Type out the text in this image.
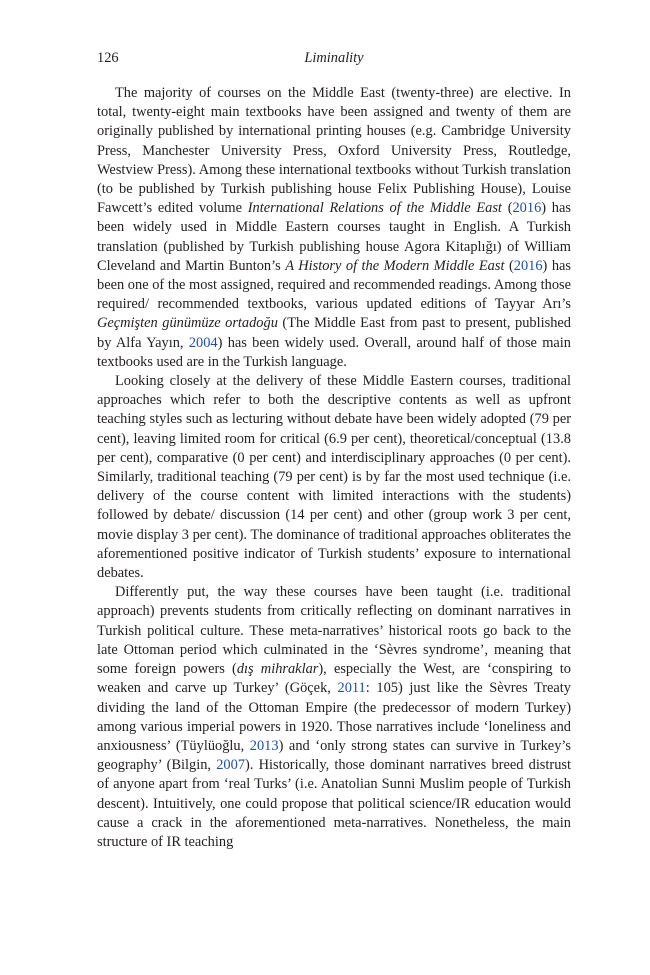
126	Liminality

The majority of courses on the Middle East (twenty-three) are elective. In total, twenty-eight main textbooks have been assigned and twenty of them are originally published by international printing houses (e.g. Cambridge University Press, Manchester University Press, Oxford University Press, Routledge, Westview Press). Among these international textbooks without Turkish translation (to be published by Turkish publishing house Felix Publishing House), Louise Fawcett’s edited volume International Relations of the Middle East (2016) has been widely used in Middle Eastern courses taught in English. A Turkish translation (published by Turkish publishing house Agora Kitaplığı) of William Cleveland and Martin Bunton’s A History of the Modern Middle East (2016) has been one of the most assigned, required and recommended readings. Among those required/ recommended textbooks, various updated editions of Tayyar Arı’s Geçmişten günümüze ortadoğu (The Middle East from past to present, published by Alfa Yayın, 2004) has been widely used. Overall, around half of those main textbooks used are in the Turkish language.

Looking closely at the delivery of these Middle Eastern courses, traditional approaches which refer to both the descriptive contents as well as upfront teaching styles such as lecturing without debate have been widely adopted (79 per cent), leaving limited room for critical (6.9 per cent), theoretical/conceptual (13.8 per cent), comparative (0 per cent) and interdisciplinary approaches (0 per cent). Similarly, traditional teaching (79 per cent) is by far the most used technique (i.e. delivery of the course content with limited interactions with the students) followed by debate/ discussion (14 per cent) and other (group work 3 per cent, movie display 3 per cent). The dominance of traditional approaches obliterates the aforementioned positive indicator of Turkish students’ exposure to international debates.

Differently put, the way these courses have been taught (i.e. traditional approach) prevents students from critically reflecting on dominant narratives in Turkish political culture. These meta-narratives’ historical roots go back to the late Ottoman period which culminated in the ‘Sèvres syndrome’, meaning that some foreign powers (dış mihraklar), especially the West, are ‘conspiring to weaken and carve up Turkey’ (Göçek, 2011: 105) just like the Sèvres Treaty dividing the land of the Ottoman Empire (the predecessor of modern Turkey) among various imperial powers in 1920. Those narratives include ‘loneliness and anxiousness’ (Tüylüoğlu, 2013) and ‘only strong states can survive in Turkey’s geography’ (Bilgin, 2007). Historically, those dominant narratives breed distrust of anyone apart from ‘real Turks’ (i.e. Anatolian Sunni Muslim people of Turkish descent). Intuitively, one could propose that political science/IR education would cause a crack in the aforementioned meta-narratives. Nonetheless, the main structure of IR teaching
